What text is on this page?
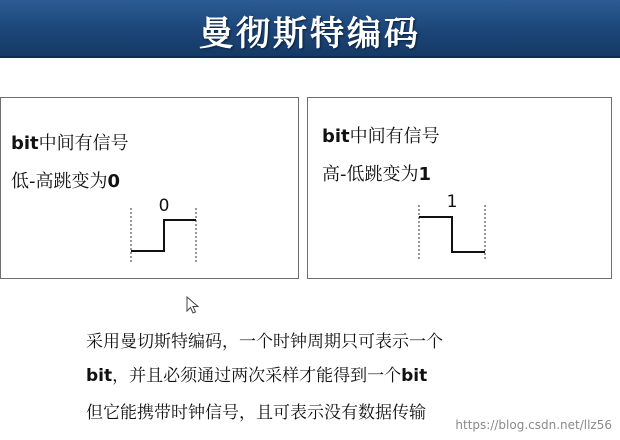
曼彻斯特编码
bit中间有信号
低-高跳变为0
0
bit中间有信号
高-低跳变为1
1
采用曼切斯特编码，一个时钟周期只可表示一个
bit，并且必须通过两次采样才能得到一个bit
但它能携带时钟信号，且可表示没有数据传输
https://blog.csdn.net/llz56
